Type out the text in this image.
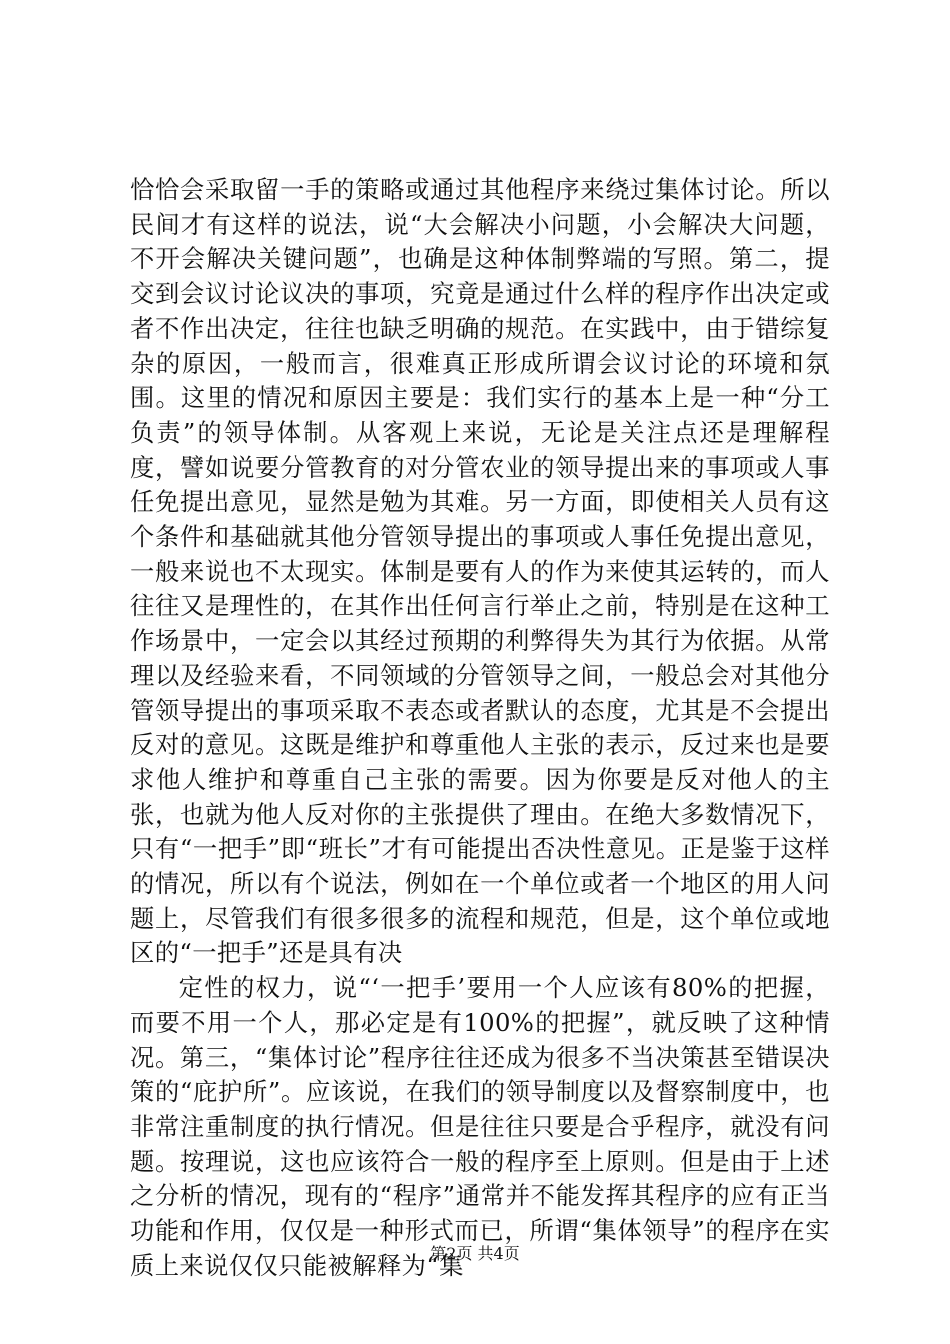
恰恰会采取留一手的策略或通过其他程序来绕过集体讨论。所以民间才有这样的说法，说“大会解决小问题，小会解决大问题，不开会解决关键问题”，也确是这种体制弊端的写照。第二，提交到会议讨论议决的事项，究竟是通过什么样的程序作出决定或者不作出决定，往往也缺乏明确的规范。在实践中，由于错综复杂的原因，一般而言，很难真正形成所谓会议讨论的环境和氛围。这里的情况和原因主要是：我们实行的基本上是一种“分工负责”的领导体制。从客观上来说，无论是关注点还是理解程度，譬如说要分管教育的对分管农业的领导提出来的事项或人事任免提出意见，显然是勉为其难。另一方面，即使相关人员有这个条件和基础就其他分管领导提出的事项或人事任免提出意见，一般来说也不太现实。体制是要有人的作为来使其运转的，而人往往又是理性的，在其作出任何言行举止之前，特别是在这种工作场景中，一定会以其经过预期的利弊得失为其行为依据。从常理以及经验来看，不同领域的分管领导之间，一般总会对其他分管领导提出的事项采取不表态或者默认的态度，尤其是不会提出反对的意见。这既是维护和尊重他人主张的表示，反过来也是要求他人维护和尊重自己主张的需要。因为你要是反对他人的主张，也就为他人反对你的主张提供了理由。在绝大多数情况下，只有“一把手”即“班长”才有可能提出否决性意见。正是鉴于这样的情况，所以有个说法，例如在一个单位或者一个地区的用人问题上，尽管我们有很多很多的流程和规范，但是，这个单位或地区的“一把手”还是具有决

定性的权力，说“‘一把手’要用一个人应该有80%的把握，而要不用一个人，那必定是有100%的把握”，就反映了这种情况。第三，“集体讨论”程序往往还成为很多不当决策甚至错误决策的“庇护所”。应该说，在我们的领导制度以及督察制度中，也非常注重制度的执行情况。但是往往只要是合乎程序，就没有问题。按理说，这也应该符合一般的程序至上原则。但是由于上述之分析的情况，现有的“程序”通常并不能发挥其程序的应有正当功能和作用，仅仅是一种形式而已，所谓“集体领导”的程序在实质上来说仅仅只能被解释为“集

第2页 共4页
